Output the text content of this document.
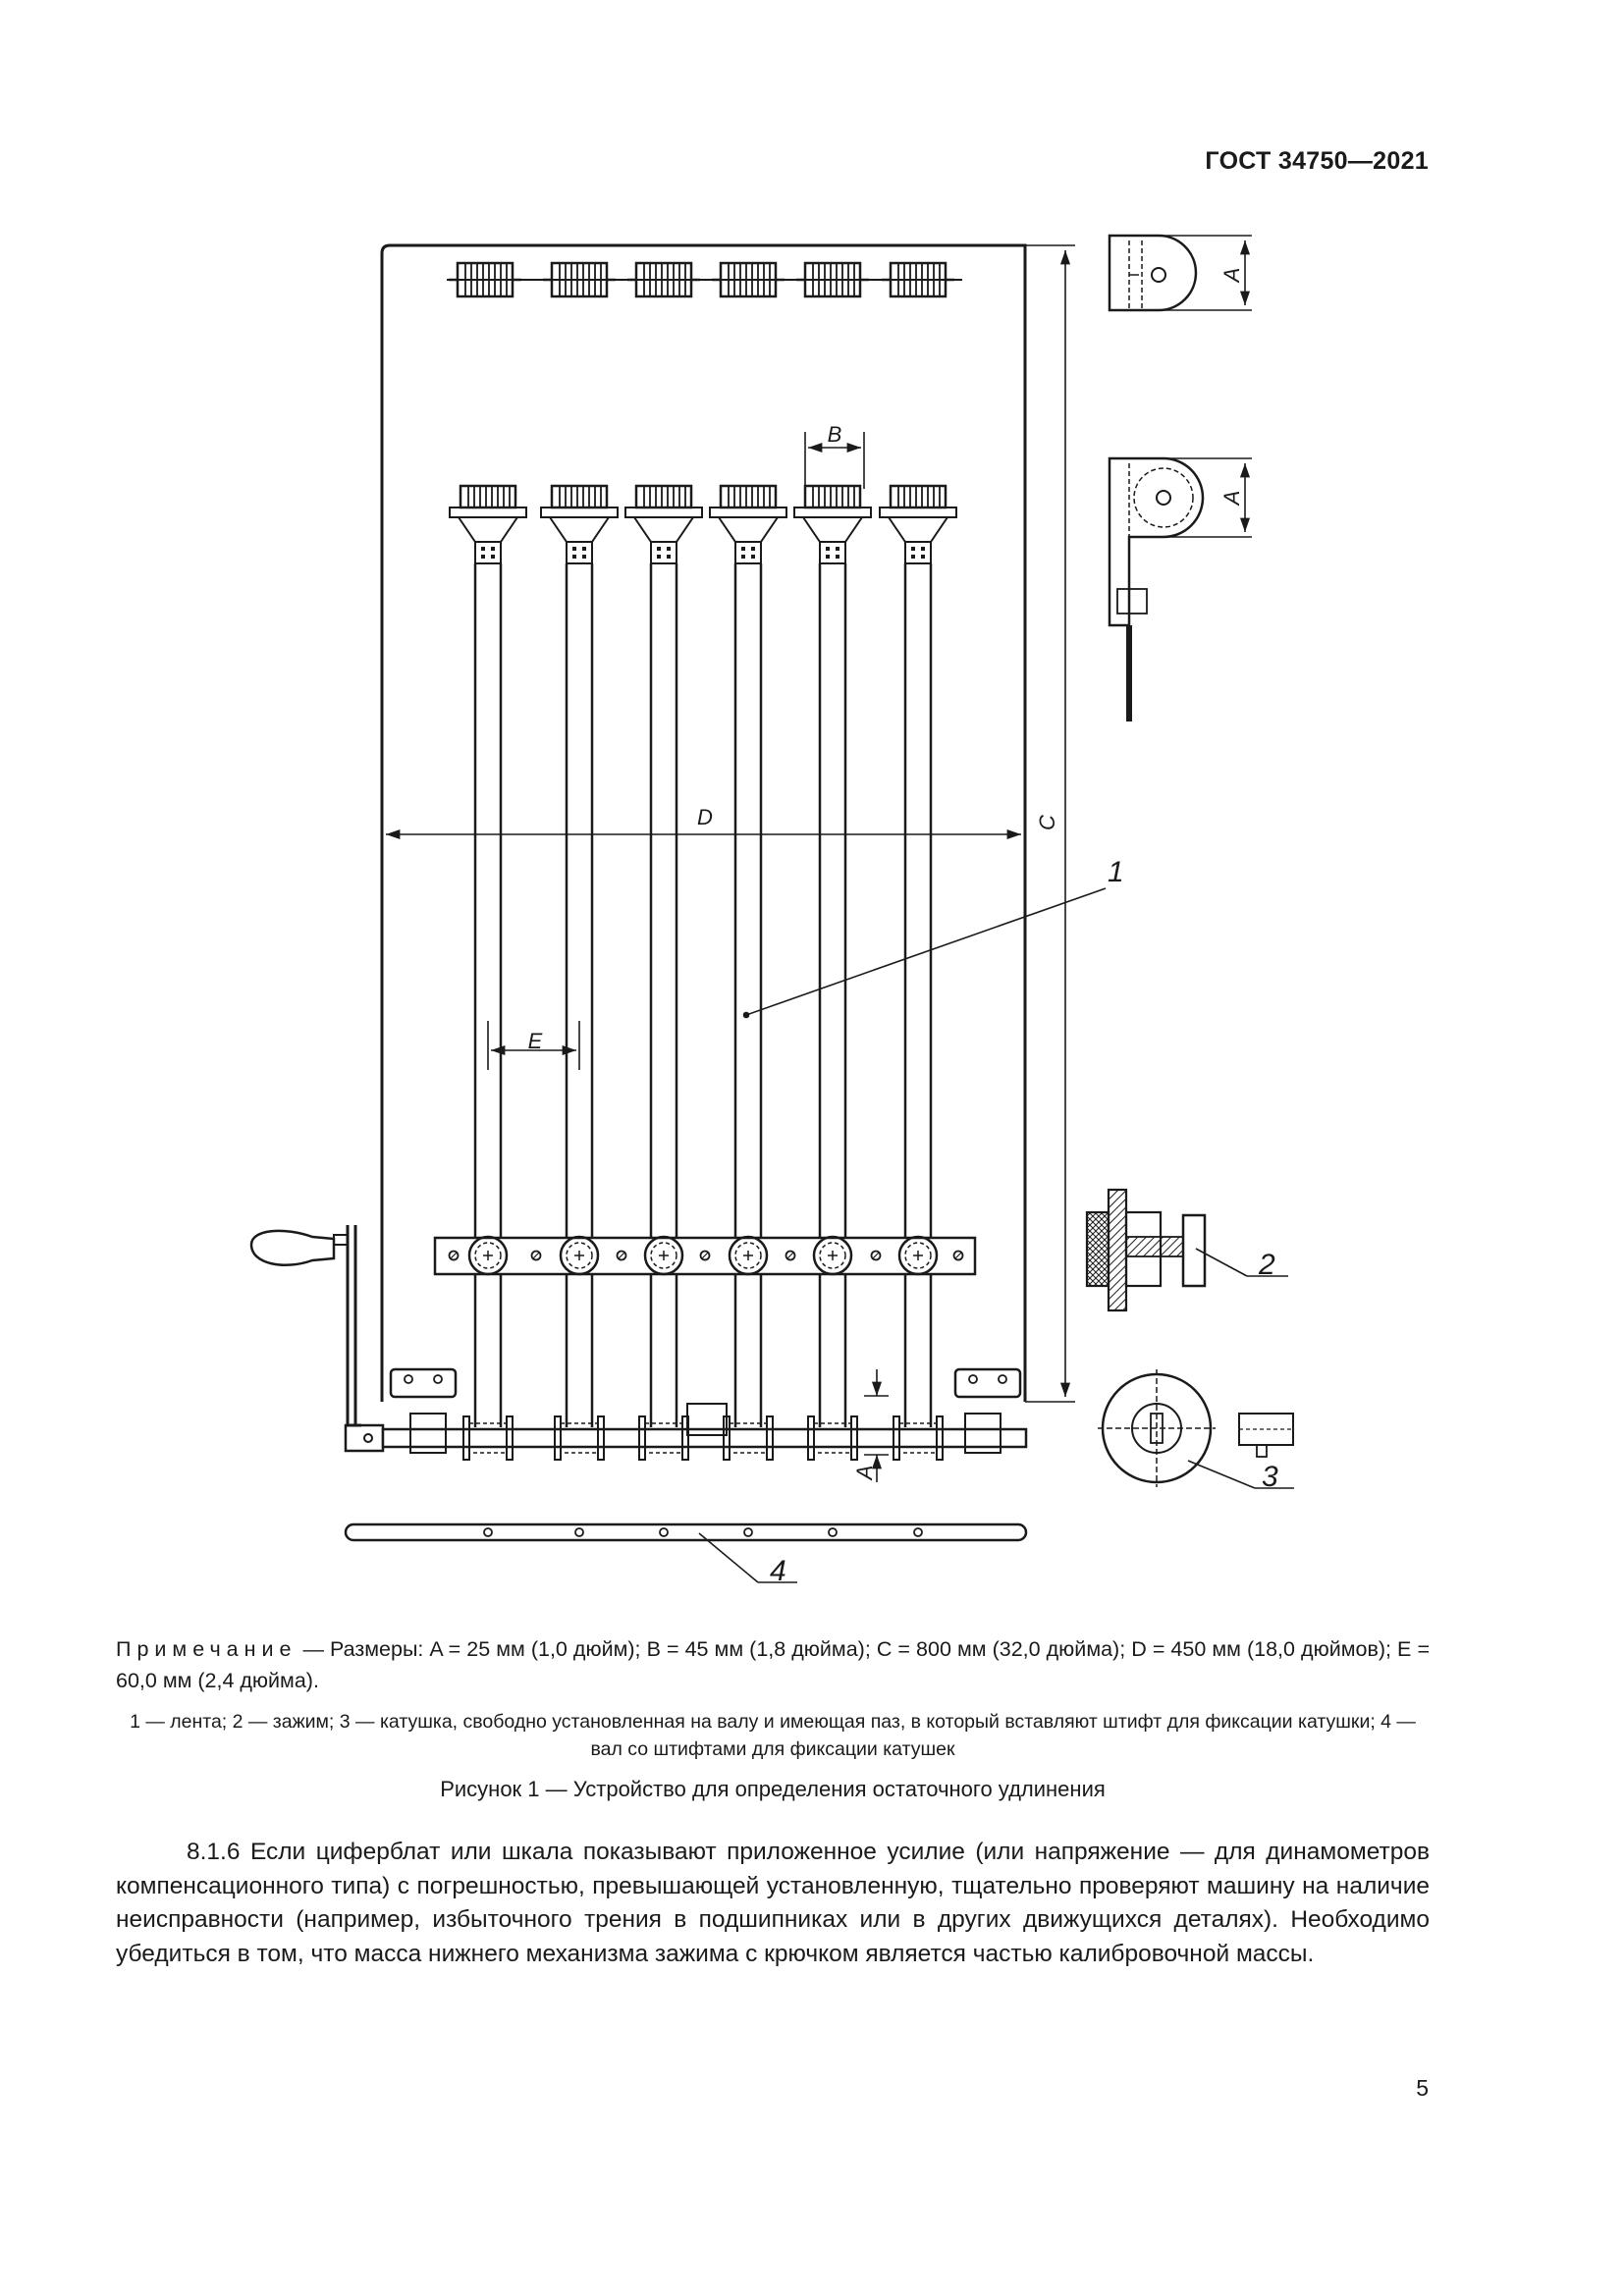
ГОСТ 34750—2021
A
A
A
B
C
D
E
1
2
3
4
Примечание — Размеры: A = 25 мм (1,0 дюйм); B = 45 мм (1,8 дюйма); C = 800 мм (32,0 дюйма); D = 450 мм (18,0 дюймов); E = 60,0 мм (2,4 дюйма).
1 — лента; 2 — зажим; 3 — катушка, свободно установленная на валу и имеющая паз, в который вставляют штифт для фиксации катушки; 4 — вал со штифтами для фиксации катушек
Рисунок 1 — Устройство для определения остаточного удлинения
8.1.6 Если циферблат или шкала показывают приложенное усилие (или напряжение — для динамометров компенсационного типа) с погрешностью, превышающей установленную, тщательно проверяют машину на наличие неисправности (например, избыточного трения в подшипниках или в других движущихся деталях). Необходимо убедиться в том, что масса нижнего механизма зажима с крючком является частью калибровочной массы.
5
